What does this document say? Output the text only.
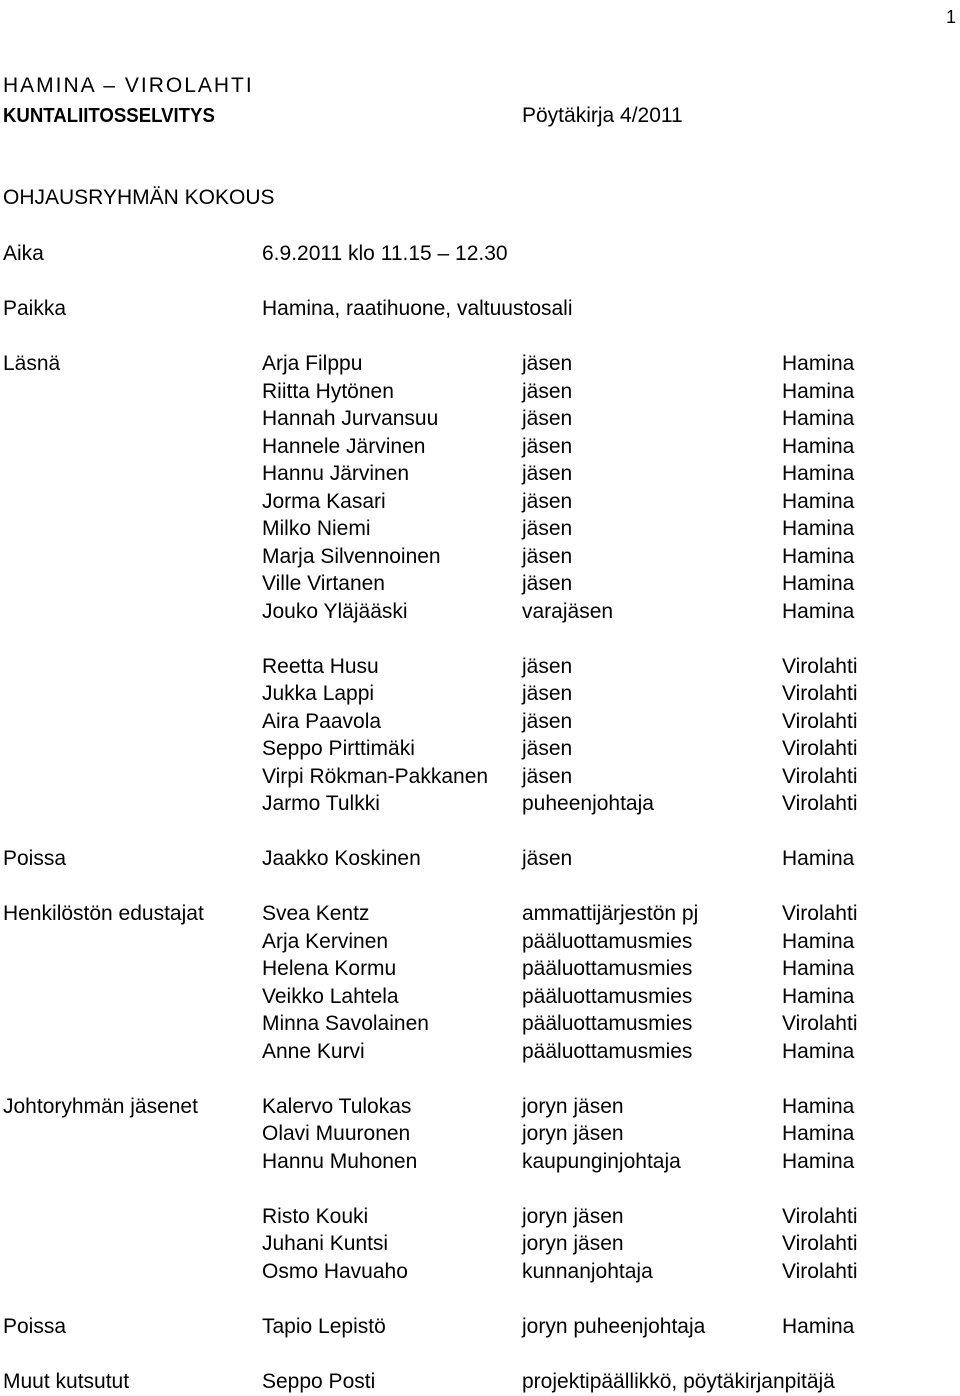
1
HAMINA – VIROLAHTI
KUNTALIITOSSELVITYS	Pöytäkirja 4/2011
OHJAUSRYHMÄN KOKOUS
Aika	6.9.2011 klo 11.15 – 12.30
Paikka	Hamina, raatihuone, valtuustosali
Läsnä	Arja Filppu	jäsen	Hamina
Riitta Hytönen	jäsen	Hamina
Hannah Jurvansuu	jäsen	Hamina
Hannele Järvinen	jäsen	Hamina
Hannu Järvinen	jäsen	Hamina
Jorma Kasari	jäsen	Hamina
Milko Niemi	jäsen	Hamina
Marja Silvennoinen	jäsen	Hamina
Ville Virtanen	jäsen	Hamina
Jouko Yläjääski	varajäsen	Hamina
Reetta Husu	jäsen	Virolahti
Jukka Lappi	jäsen	Virolahti
Aira Paavola	jäsen	Virolahti
Seppo Pirttimäki	jäsen	Virolahti
Virpi Rökman-Pakkanen jäsen	Virolahti
Jarmo Tulkki	puheenjohtaja	Virolahti
Poissa	Jaakko Koskinen	jäsen	Hamina
Henkilöstön edustajat	Svea Kentz	ammattijärjestön pj	Virolahti
Arja Kervinen	pääluottamusmies	Hamina
Helena Kormu	pääluottamusmies	Hamina
Veikko Lahtela	pääluottamusmies	Hamina
Minna Savolainen	pääluottamusmies	Virolahti
Anne Kurvi	pääluottamusmies	Hamina
Johtoryhmän jäsenet	Kalervo Tulokas	joryn jäsen	Hamina
Olavi Muuronen	joryn jäsen	Hamina
Hannu Muhonen	kaupunginjohtaja	Hamina
Risto Kouki	joryn jäsen	Virolahti
Juhani Kuntsi	joryn jäsen	Virolahti
Osmo Havuaho	kunnanjohtaja	Virolahti
Poissa	Tapio Lepistö	joryn puheenjohtaja	Hamina
Muut kutsutut	Seppo Posti	projektipäällikkö, pöytäkirjanpitäjä
